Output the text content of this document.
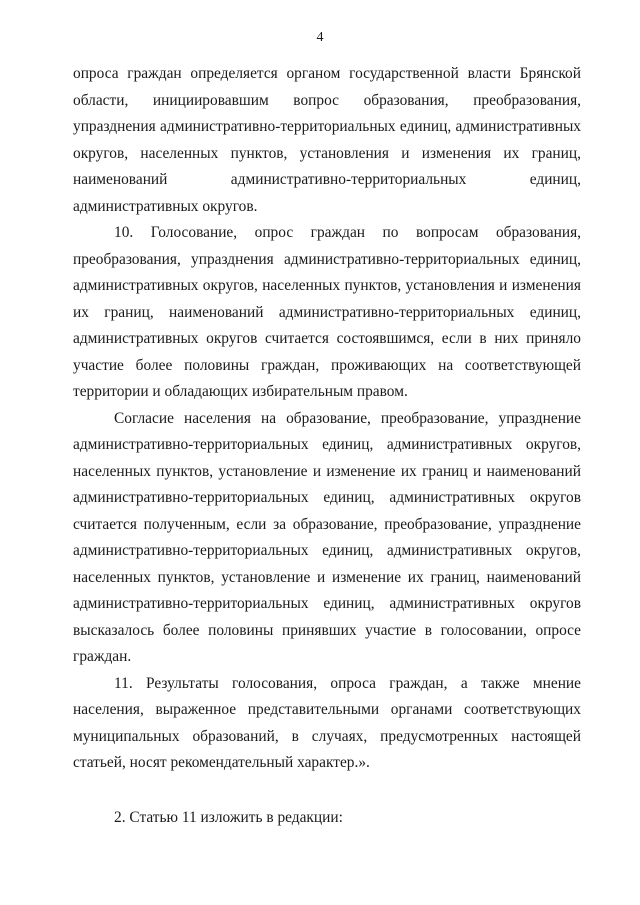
4

опроса граждан определяется органом государственной власти Брянской области, инициировавшим вопрос образования, преобразования, упразднения административно-территориальных единиц, административных округов, населенных пунктов, установления и изменения их границ, наименований административно-территориальных единиц, административных округов.

10. Голосование, опрос граждан по вопросам образования, преобразования, упразднения административно-территориальных единиц, административных округов, населенных пунктов, установления и изменения их границ, наименований административно-территориальных единиц, административных округов считается состоявшимся, если в них приняло участие более половины граждан, проживающих на соответствующей территории и обладающих избирательным правом.

Согласие населения на образование, преобразование, упразднение административно-территориальных единиц, административных округов, населенных пунктов, установление и изменение их границ и наименований административно-территориальных единиц, административных округов считается полученным, если за образование, преобразование, упразднение административно-территориальных единиц, административных округов, населенных пунктов, установление и изменение их границ, наименований административно-территориальных единиц, административных округов высказалось более половины принявших участие в голосовании, опросе граждан.

11. Результаты голосования, опроса граждан, а также мнение населения, выраженное представительными органами соответствующих муниципальных образований, в случаях, предусмотренных настоящей статьей, носят рекомендательный характер.».

2. Статью 11 изложить в редакции:
